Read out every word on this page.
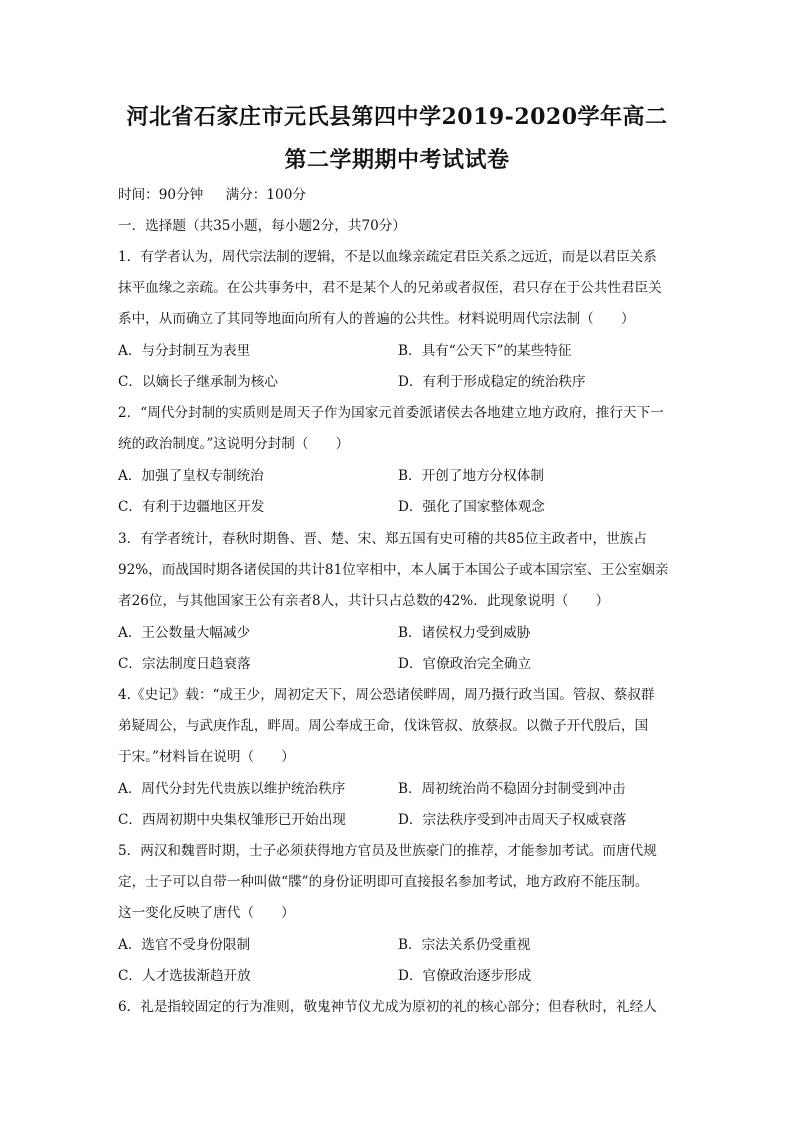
河北省石家庄市元氏县第四中学2019-2020学年高二
第二学期期中考试试卷
时间：90分钟 满分：100分
一．选择题（共35小题，每小题2分，共70分）
1．有学者认为，周代宗法制的逻辑，不是以血缘亲疏定君臣关系之远近，而是以君臣关系
抹平血缘之亲疏。在公共事务中，君不是某个人的兄弟或者叔侄，君只存在于公共性君臣关
系中，从而确立了其同等地面向所有人的普遍的公共性。材料说明周代宗法制（　　）
A．与分封制互为表里	B．具有“公天下”的某些特征
C．以嫡长子继承制为核心	D．有利于形成稳定的统治秩序
2．“周代分封制的实质则是周天子作为国家元首委派诸侯去各地建立地方政府，推行天下一
统的政治制度。”这说明分封制（　　）
A．加强了皇权专制统治	B．开创了地方分权体制
C．有利于边疆地区开发	D．强化了国家整体观念
3．有学者统计，春秋时期鲁、晋、楚、宋、郑五国有史可稽的共85位主政者中，世族占
92%，而战国时期各诸侯国的共计81位宰相中，本人属于本国公子或本国宗室、王公室姻亲
者26位，与其他国家王公有亲者8人，共计只占总数的42%．此现象说明（　　）
A．王公数量大幅减少	B．诸侯权力受到威胁
C．宗法制度日趋衰落	D．官僚政治完全确立
4.《史记》载：“成王少，周初定天下，周公恐诸侯畔周，周乃摄行政当国。管叔、蔡叔群
弟疑周公，与武庚作乱，畔周。周公奉成王命，伐诛管叔、放蔡叔。以微子开代殷后，国
于宋。”材料旨在说明（　　）
A．周代分封先代贵族以维护统治秩序	B．周初统治尚不稳固分封制受到冲击
C．西周初期中央集权雏形已开始出现	D．宗法秩序受到冲击周天子权威衰落
5．两汉和魏晋时期，士子必须获得地方官员及世族豪门的推荐，才能参加考试。而唐代规
定，士子可以自带一种叫做“牒”的身份证明即可直接报名参加考试，地方政府不能压制。
这一变化反映了唐代（　　）
A．选官不受身份限制	B．宗法关系仍受重视
C．人才选拔渐趋开放	D．官僚政治逐步形成
6．礼是指较固定的行为准则，敬鬼神节仪尤成为原初的礼的核心部分；但春秋时，礼经人
